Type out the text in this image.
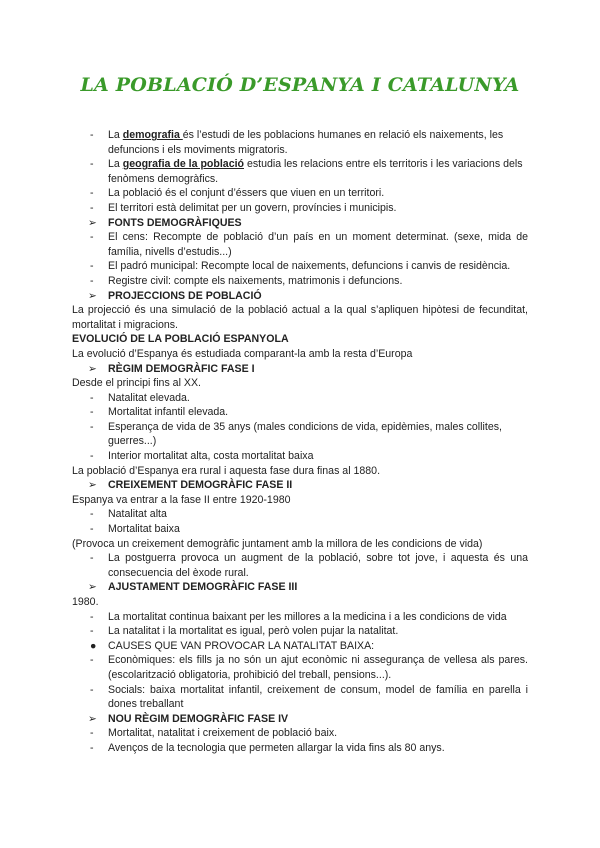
LA POBLACIÓ D’ESPANYA I CATALUNYA
- La demografia és l’estudi de les poblacions humanes en relació els naixements, les defuncions i els moviments migratoris.
- La geografia de la població estudia les relacions entre els territoris i les variacions dels fenòmens demogràfics.
- La població és el conjunt d’éssers que viuen en un territori.
- El territori està delimitat per un govern, províncies i municipis.
➢ FONTS DEMOGRÀFIQUES
- El cens: Recompte de població d’un país en un moment determinat. (sexe, mida de família, nivells d’estudis...)
- El padró municipal: Recompte local de naixements, defuncions i canvis de residència.
- Registre civil: compte els naixements, matrimonis i defuncions.
➢ PROJECCIONS DE POBLACIÓ
La projecció és una simulació de la població actual a la qual s’apliquen hipòtesi de fecunditat, mortalitat i migracions.
EVOLUCIÓ DE LA POBLACIÓ ESPANYOLA
La evolució d’Espanya és estudiada comparant-la amb la resta d’Europa
➢ RÈGIM DEMOGRÀFIC FASE I
Desde el principi fins al XX.
- Natalitat elevada.
- Mortalitat infantil elevada.
- Esperança de vida de 35 anys (males condicions de vida, epidèmies, males collites, guerres...)
- Interior mortalitat alta, costa mortalitat baixa
La població d’Espanya era rural i aquesta fase dura finas al 1880.
➢ CREIXEMENT DEMOGRÀFIC FASE II
Espanya va entrar a la fase II entre 1920-1980
- Natalitat alta
- Mortalitat baixa
(Provoca un creixement demogràfic juntament amb la millora de les condicions de vida)
- La postguerra provoca un augment de la població, sobre tot jove, i aquesta és una consecuencia del èxode rural.
➢ AJUSTAMENT DEMOGRÀFIC FASE III
1980.
- La mortalitat continua baixant per les millores a la medicina i a les condicions de vida
- La natalitat i la mortalitat es igual, però volen pujar la natalitat.
● CAUSES QUE VAN PROVOCAR LA NATALITAT BAIXA:
- Econòmiques: els fills ja no són un ajut econòmic ni assegurança de vellesa als pares.(escolarització obligatoria, prohibició del treball, pensions...).
- Socials: baixa mortalitat infantil, creixement de consum, model de família en parella i dones treballant
➢ NOU RÈGIM DEMOGRÀFIC FASE IV
- Mortalitat, natalitat i creixement de població baix.
- Avenços de la tecnologia que permeten allargar la vida fins als 80 anys.
